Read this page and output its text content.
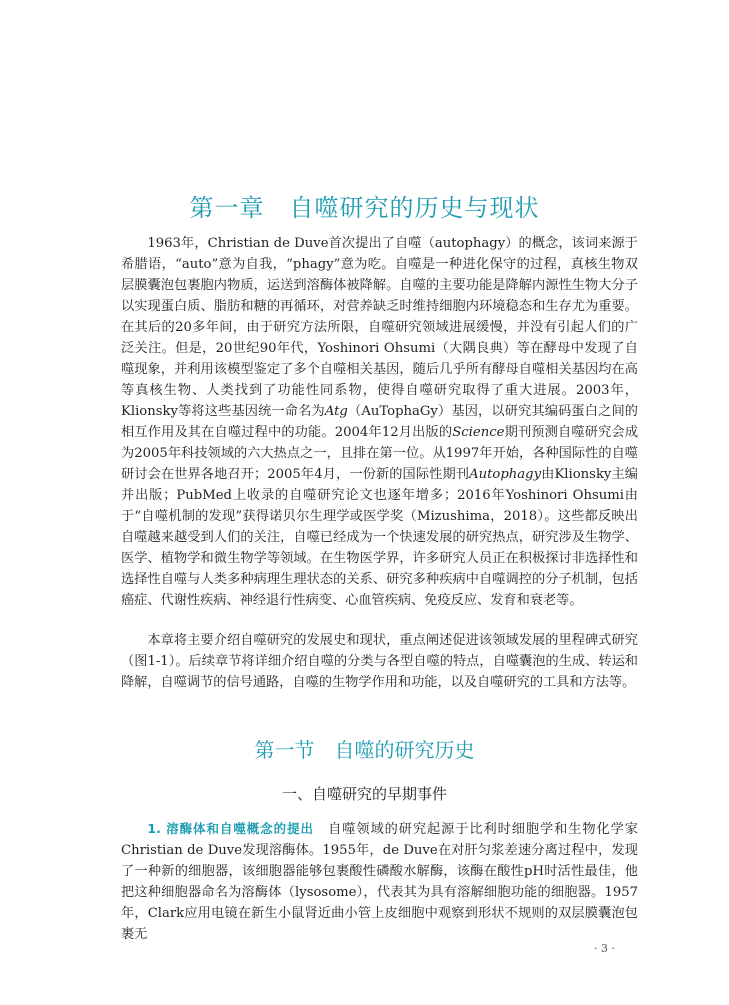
第一章　自噬研究的历史与现状

1963年，Christian de Duve首次提出了自噬（autophagy）的概念，该词来源于希腊语，“auto”意为自我，“phagy”意为吃。自噬是一种进化保守的过程，真核生物双层膜囊泡包裹胞内物质，运送到溶酶体被降解。自噬的主要功能是降解内源性生物大分子以实现蛋白质、脂肪和糖的再循环，对营养缺乏时维持细胞内环境稳态和生存尤为重要。在其后的20多年间，由于研究方法所限，自噬研究领域进展缓慢，并没有引起人们的广泛关注。但是，20世纪90年代，Yoshinori Ohsumi（大隅良典）等在酵母中发现了自噬现象，并利用该模型鉴定了多个自噬相关基因，随后几乎所有酵母自噬相关基因均在高等真核生物、人类找到了功能性同系物，使得自噬研究取得了重大进展。2003年，Klionsky等将这些基因统一命名为Atg（AuTophaGy）基因，以研究其编码蛋白之间的相互作用及其在自噬过程中的功能。2004年12月出版的Science期刊预测自噬研究会成为2005年科技领域的六大热点之一，且排在第一位。从1997年开始，各种国际性的自噬研讨会在世界各地召开；2005年4月，一份新的国际性期刊Autophagy由Klionsky主编并出版；PubMed上收录的自噬研究论文也逐年增多；2016年Yoshinori Ohsumi由于“自噬机制的发现”获得诺贝尔生理学或医学奖（Mizushima，2018）。这些都反映出自噬越来越受到人们的关注，自噬已经成为一个快速发展的研究热点，研究涉及生物学、医学、植物学和微生物学等领域。在生物医学界，许多研究人员正在积极探讨非选择性和选择性自噬与人类多种病理生理状态的关系、研究多种疾病中自噬调控的分子机制，包括癌症、代谢性疾病、神经退行性病变、心血管疾病、免疫反应、发育和衰老等。

本章将主要介绍自噬研究的发展史和现状，重点阐述促进该领域发展的里程碑式研究（图1-1）。后续章节将详细介绍自噬的分类与各型自噬的特点，自噬囊泡的生成、转运和降解，自噬调节的信号通路，自噬的生物学作用和功能，以及自噬研究的工具和方法等。

第一节　自噬的研究历史
一、自噬研究的早期事件

1. 溶酶体和自噬概念的提出　自噬领域的研究起源于比利时细胞学和生物化学家Christian de Duve发现溶酶体。1955年，de Duve在对肝匀浆差速分离过程中，发现了一种新的细胞器，该细胞器能够包裹酸性磷酸水解酶，该酶在酸性pH时活性最佳，他把这种细胞器命名为溶酶体（lysosome），代表其为具有溶解细胞功能的细胞器。1957年，Clark应用电镜在新生小鼠肾近曲小管上皮细胞中观察到形状不规则的双层膜囊泡包裹无

· 3 ·
